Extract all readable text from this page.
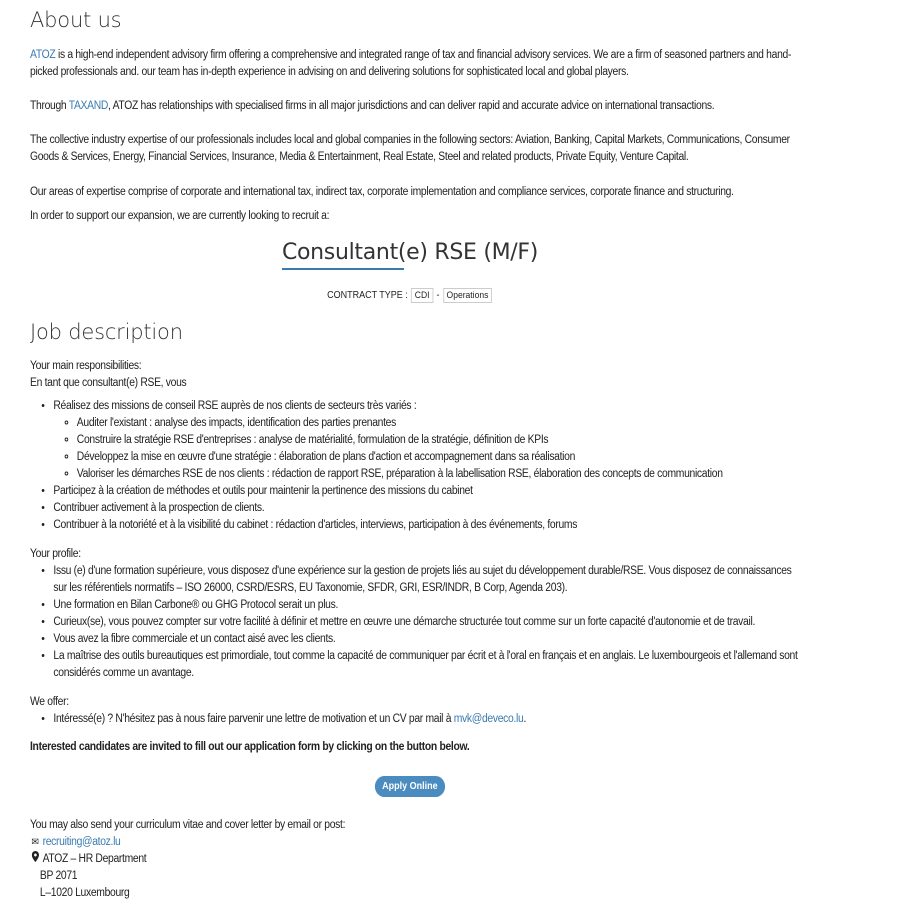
About us

ATOZ is a high-end independent advisory firm offering a comprehensive and integrated range of tax and financial advisory services. We are a firm of seasoned partners and hand-picked professionals and. our team has in-depth experience in advising on and delivering solutions for sophisticated local and global players.

Through TAXAND, ATOZ has relationships with specialised firms in all major jurisdictions and can deliver rapid and accurate advice on international transactions.

The collective industry expertise of our professionals includes local and global companies in the following sectors: Aviation, Banking, Capital Markets, Communications, Consumer Goods & Services, Energy, Financial Services, Insurance, Media & Entertainment, Real Estate, Steel and related products, Private Equity, Venture Capital.

Our areas of expertise comprise of corporate and international tax, indirect tax, corporate implementation and compliance services, corporate finance and structuring.

In order to support our expansion, we are currently looking to recruit a:

Consultant(e) RSE (M/F)
CONTRACT TYPE : CDI - Operations
Job description

Your main responsibilities:

En tant que consultant(e) RSE, vous

• Réalisez des missions de conseil RSE auprès de nos clients de secteurs très variés :
◦ Auditer l'existant : analyse des impacts, identification des parties prenantes
◦ Construire la stratégie RSE d'entreprises : analyse de matérialité, formulation de la stratégie, définition de KPIs
◦ Développez la mise en œuvre d'une stratégie : élaboration de plans d'action et accompagnement dans sa réalisation
◦ Valoriser les démarches RSE de nos clients : rédaction de rapport RSE, préparation à la labellisation RSE, élaboration des concepts de communication
• Participez à la création de méthodes et outils pour maintenir la pertinence des missions du cabinet
• Contribuer activement à la prospection de clients.
• Contribuer à la notoriété et à la visibilité du cabinet : rédaction d'articles, interviews, participation à des événements, forums

Your profile:

• Issu (e) d'une formation supérieure, vous disposez d'une expérience sur la gestion de projets liés au sujet du développement durable/RSE. Vous disposez de connaissances sur les référentiels normatifs – ISO 26000, CSRD/ESRS, EU Taxonomie, SFDR, GRI, ESR/INDR, B Corp, Agenda 203).
• Une formation en Bilan Carbone® ou GHG Protocol serait un plus.
• Curieux(se), vous pouvez compter sur votre facilité à définir et mettre en œuvre une démarche structurée tout comme sur un forte capacité d'autonomie et de travail.
• Vous avez la fibre commerciale et un contact aisé avec les clients.
• La maîtrise des outils bureautiques est primordiale, tout comme la capacité de communiquer par écrit et à l'oral en français et en anglais. Le luxembourgeois et l'allemand sont considérés comme un avantage.

We offer:

• Intéressé(e) ? N'hésitez pas à nous faire parvenir une lettre de motivation et un CV par mail à mvk@deveco.lu.

Interested candidates are invited to fill out our application form by clicking on the button below.

Apply Online

You may also send your curriculum vitae and cover letter by email or post:

✉ recruiting@atoz.lu

ATOZ – HR Department

BP 2071

L–1020 Luxembourg
